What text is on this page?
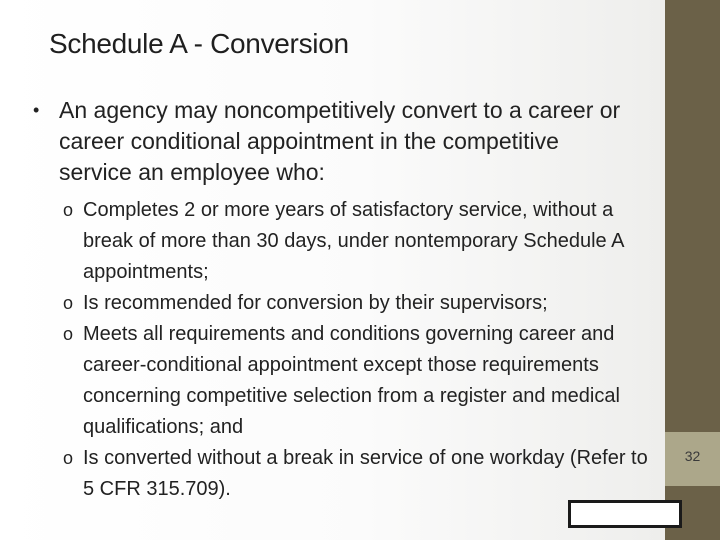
32
Schedule A - Conversion
• An agency may noncompetitively convert to a career or career conditional appointment in the competitive service an employee who:
o Completes 2 or more years of satisfactory service, without a break of more than 30 days, under nontemporary Schedule A appointments;
o Is recommended for conversion by their supervisors;
o Meets all requirements and conditions governing career and career-conditional appointment except those requirements concerning competitive selection from a register and medical qualifications; and
o Is converted without a break in service of one workday (Refer to 5 CFR 315.709).
